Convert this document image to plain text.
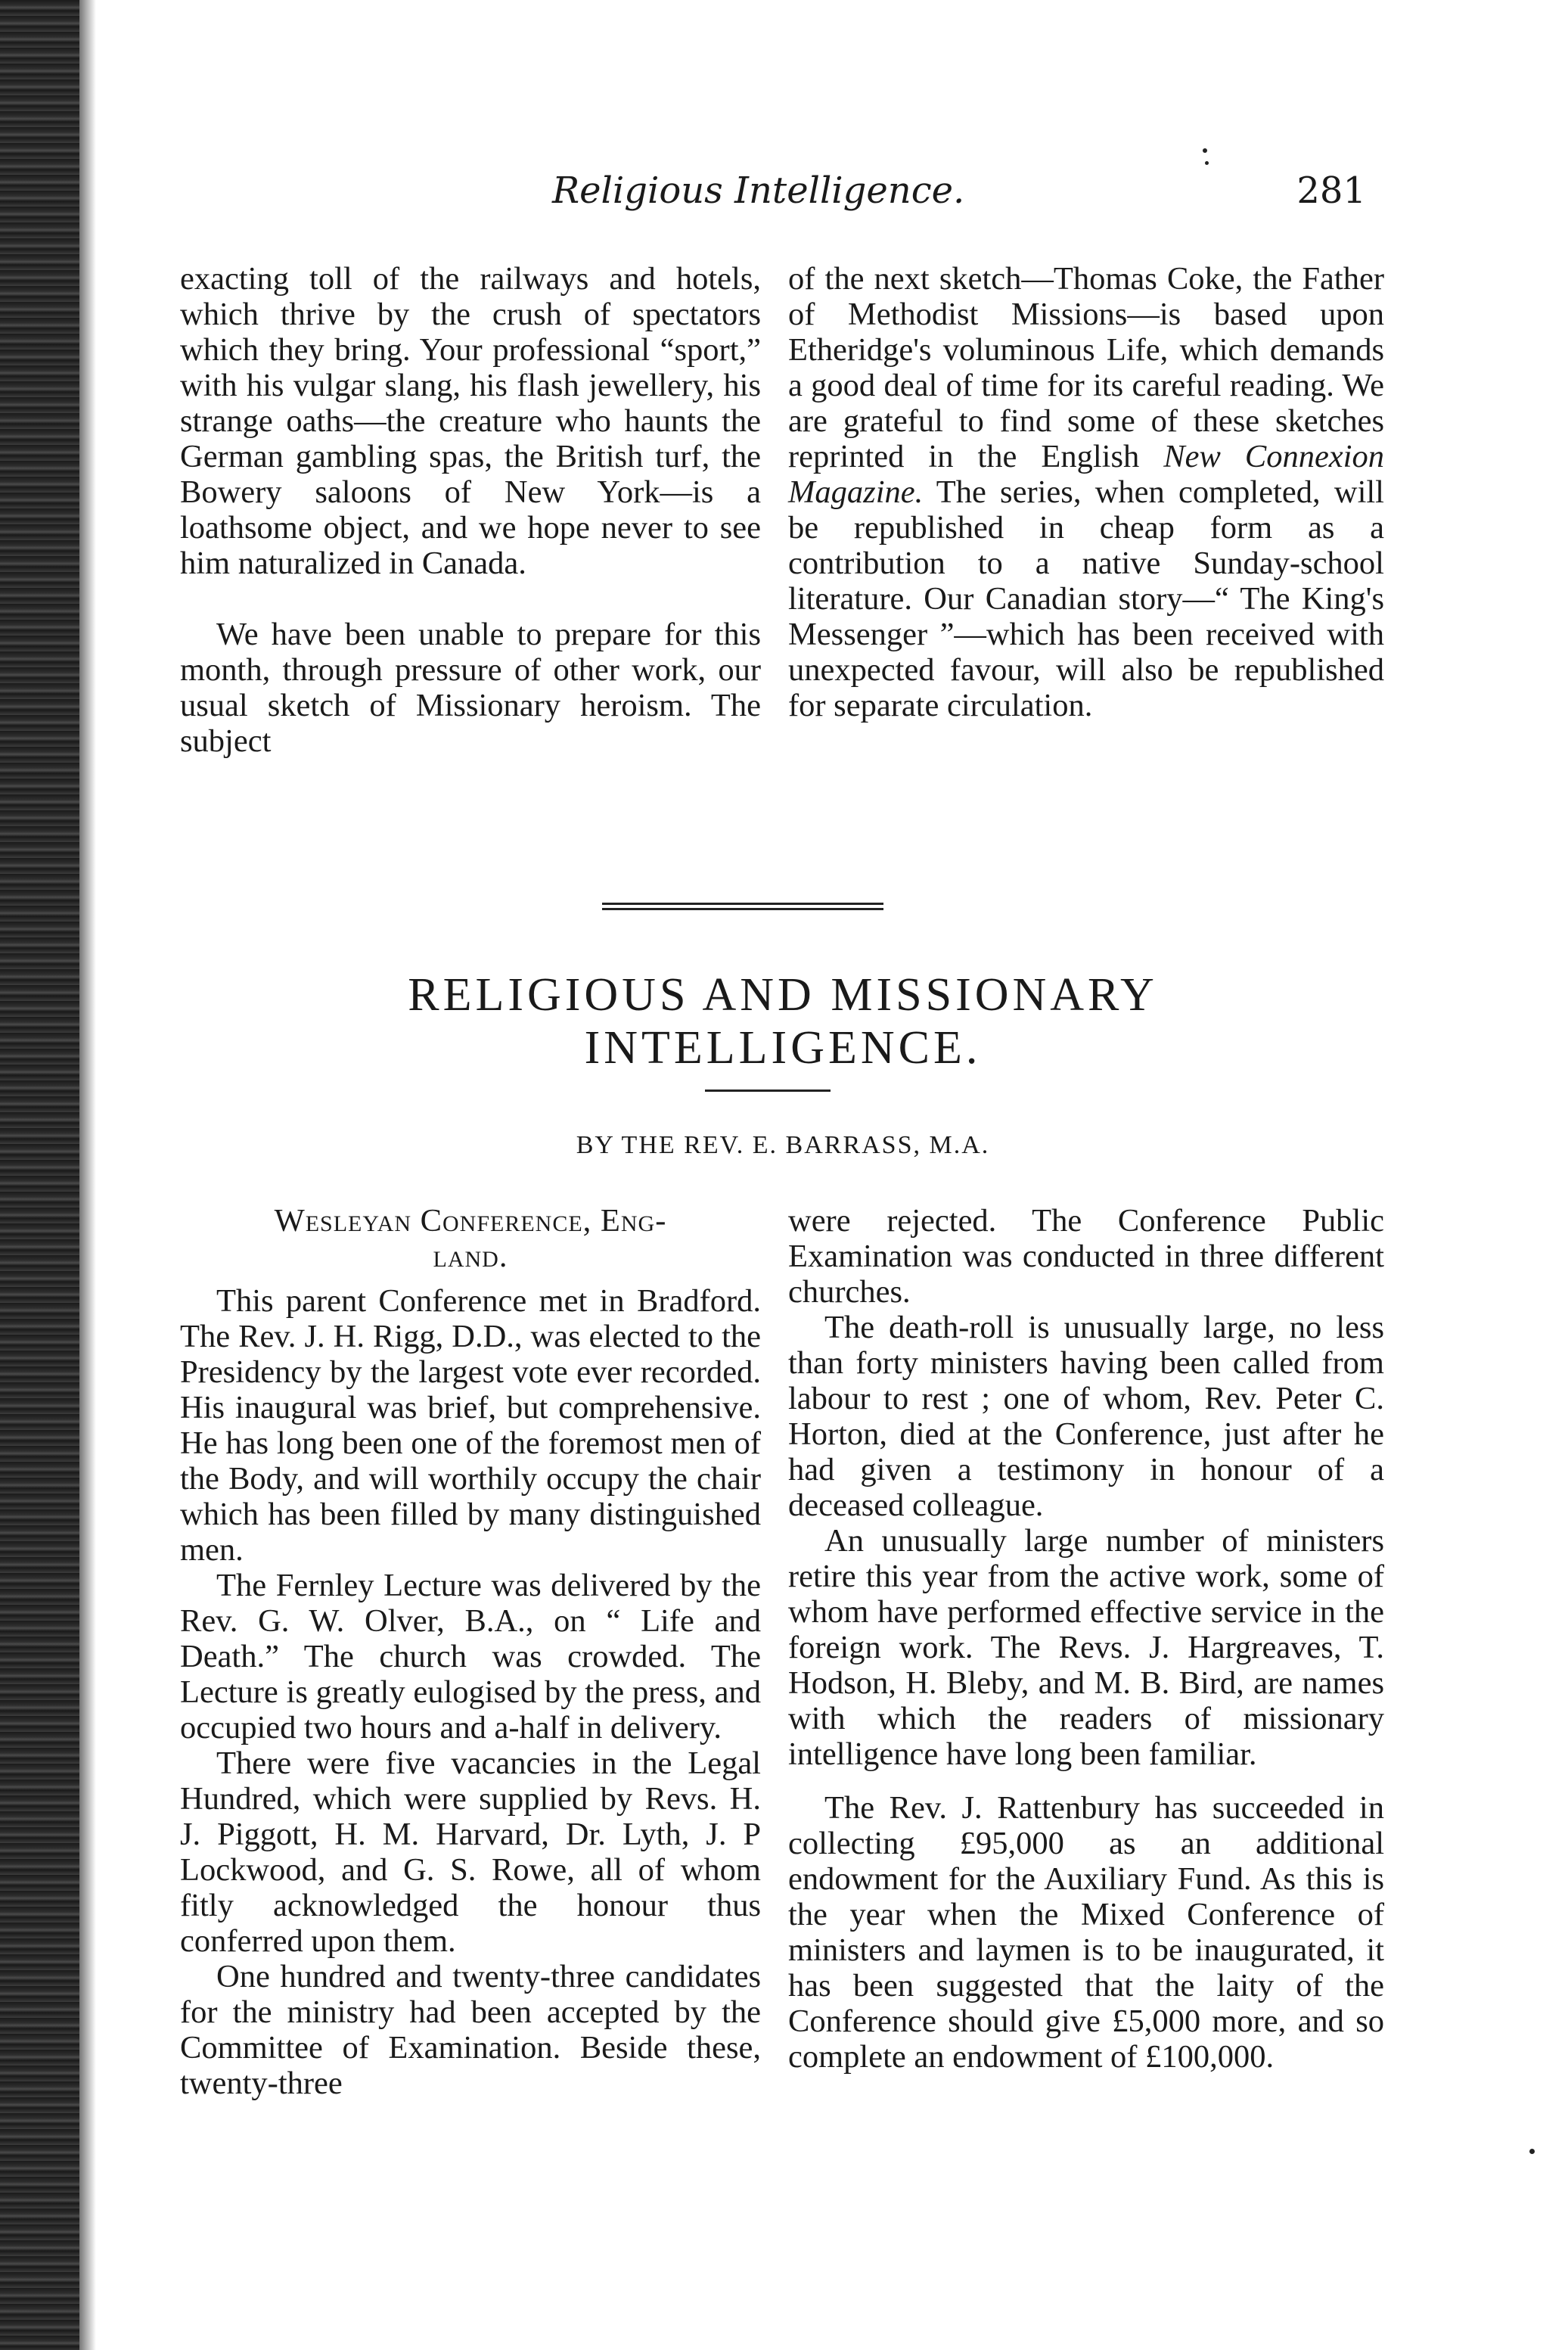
Religious Intelligence.	281

exacting toll of the railways and hotels, which thrive by the crush of spectators which they bring. Your professional “sport,” with his vulgar slang, his flash jewellery, his strange oaths—the creature who haunts the German gambling spas, the British turf, the Bowery saloons of New York—is a loathsome object, and we hope never to see him naturalized in Canada.

We have been unable to prepare for this month, through pressure of other work, our usual sketch of Missionary heroism. The subject

of the next sketch—Thomas Coke, the Father of Methodist Missions—is based upon Etheridge's voluminous Life, which demands a good deal of time for its careful reading. We are grateful to find some of these sketches reprinted in the English New Connexion Magazine. The series, when completed, will be republished in cheap form as a contribution to a native Sunday-school literature. Our Canadian story—“ The King's Messenger ”—which has been received with unexpected favour, will also be republished for separate circulation.

RELIGIOUS AND MISSIONARY
INTELLIGENCE.
BY THE REV. E. BARRASS, M.A.

Wesleyan Conference, Eng-
land.

This parent Conference met in Bradford. The Rev. J. H. Rigg, D.D., was elected to the Presidency by the largest vote ever recorded. His inaugural was brief, but comprehensive. He has long been one of the foremost men of the Body, and will worthily occupy the chair which has been filled by many distinguished men.

The Fernley Lecture was delivered by the Rev. G. W. Olver, B.A., on “ Life and Death.” The church was crowded. The Lecture is greatly eulogised by the press, and occupied two hours and a-half in delivery.

There were five vacancies in the Legal Hundred, which were supplied by Revs. H. J. Piggott, H. M. Harvard, Dr. Lyth, J. P Lockwood, and G. S. Rowe, all of whom fitly acknowledged the honour thus conferred upon them.

One hundred and twenty-three candidates for the ministry had been accepted by the Committee of Examination. Beside these, twenty-three

were rejected. The Conference Public Examination was conducted in three different churches.

The death-roll is unusually large, no less than forty ministers having been called from labour to rest ; one of whom, Rev. Peter C. Horton, died at the Conference, just after he had given a testimony in honour of a deceased colleague.

An unusually large number of ministers retire this year from the active work, some of whom have performed effective service in the foreign work. The Revs. J. Hargreaves, T. Hodson, H. Bleby, and M. B. Bird, are names with which the readers of missionary intelligence have long been familiar.

The Rev. J. Rattenbury has succeeded in collecting £95,000 as an additional endowment for the Auxiliary Fund. As this is the year when the Mixed Conference of ministers and laymen is to be inaugurated, it has been suggested that the laity of the Conference should give £5,000 more, and so complete an endowment of £100,000.
